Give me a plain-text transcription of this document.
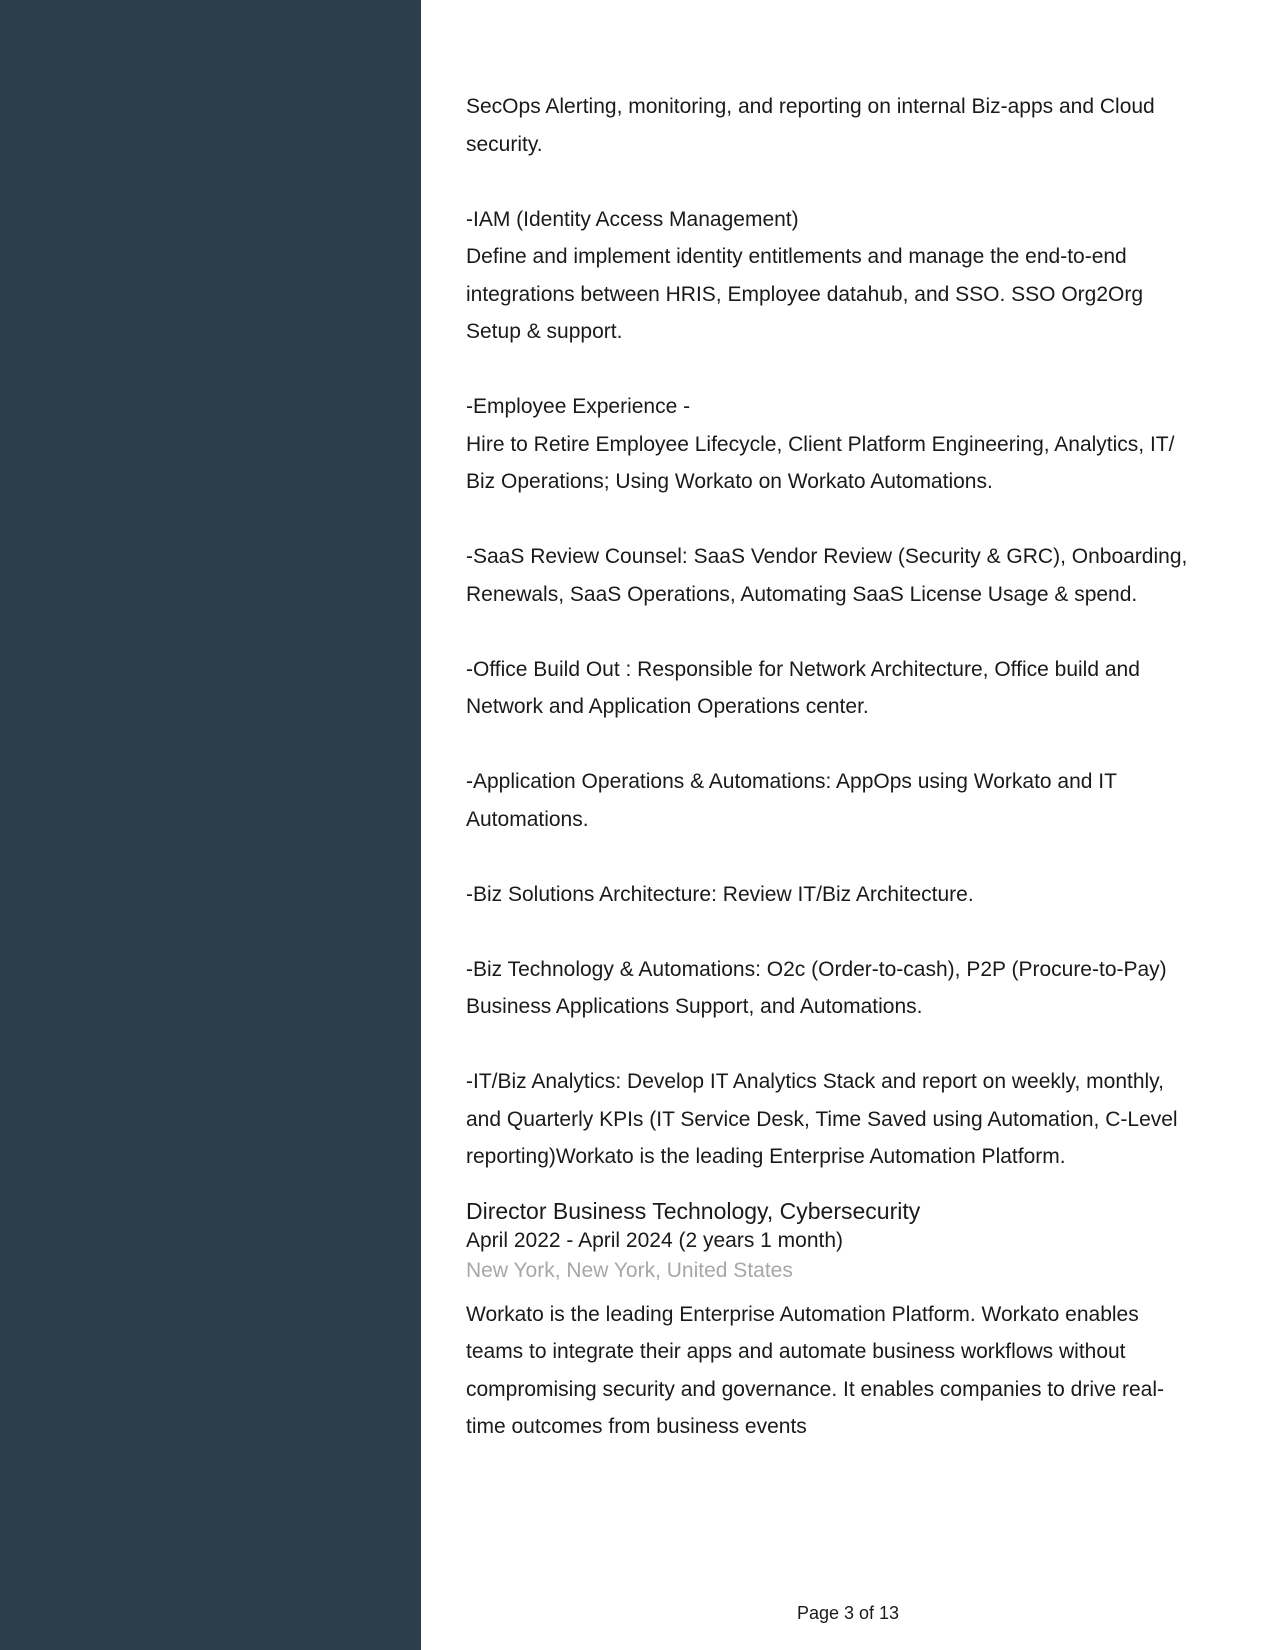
SecOps Alerting, monitoring, and reporting on internal Biz-apps and Cloud
security.
-IAM (Identity Access Management)
Define and implement identity entitlements and manage the end-to-end
integrations between HRIS, Employee datahub, and SSO. SSO Org2Org
Setup & support.
-Employee Experience -
Hire to Retire Employee Lifecycle, Client Platform Engineering, Analytics, IT/
Biz Operations; Using Workato on Workato Automations.
-SaaS Review Counsel: SaaS Vendor Review (Security & GRC), Onboarding,
Renewals, SaaS Operations, Automating SaaS License Usage & spend.
-Office Build Out : Responsible for Network Architecture, Office build and
Network and Application Operations center.
-Application Operations & Automations: AppOps using Workato and IT
Automations.
-Biz Solutions Architecture: Review IT/Biz Architecture.
-Biz Technology & Automations: O2c (Order-to-cash), P2P (Procure-to-Pay)
Business Applications Support, and Automations.
-IT/Biz Analytics: Develop IT Analytics Stack and report on weekly, monthly,
and Quarterly KPIs (IT Service Desk, Time Saved using Automation, C-Level
reporting)Workato is the leading Enterprise Automation Platform.
Director Business Technology, Cybersecurity
April 2022 - April 2024 (2 years 1 month)
New York, New York, United States
Workato is the leading Enterprise Automation Platform. Workato enables
teams to integrate their apps and automate business workflows without
compromising security and governance. It enables companies to drive real-
time outcomes from business events
Page 3 of 13
